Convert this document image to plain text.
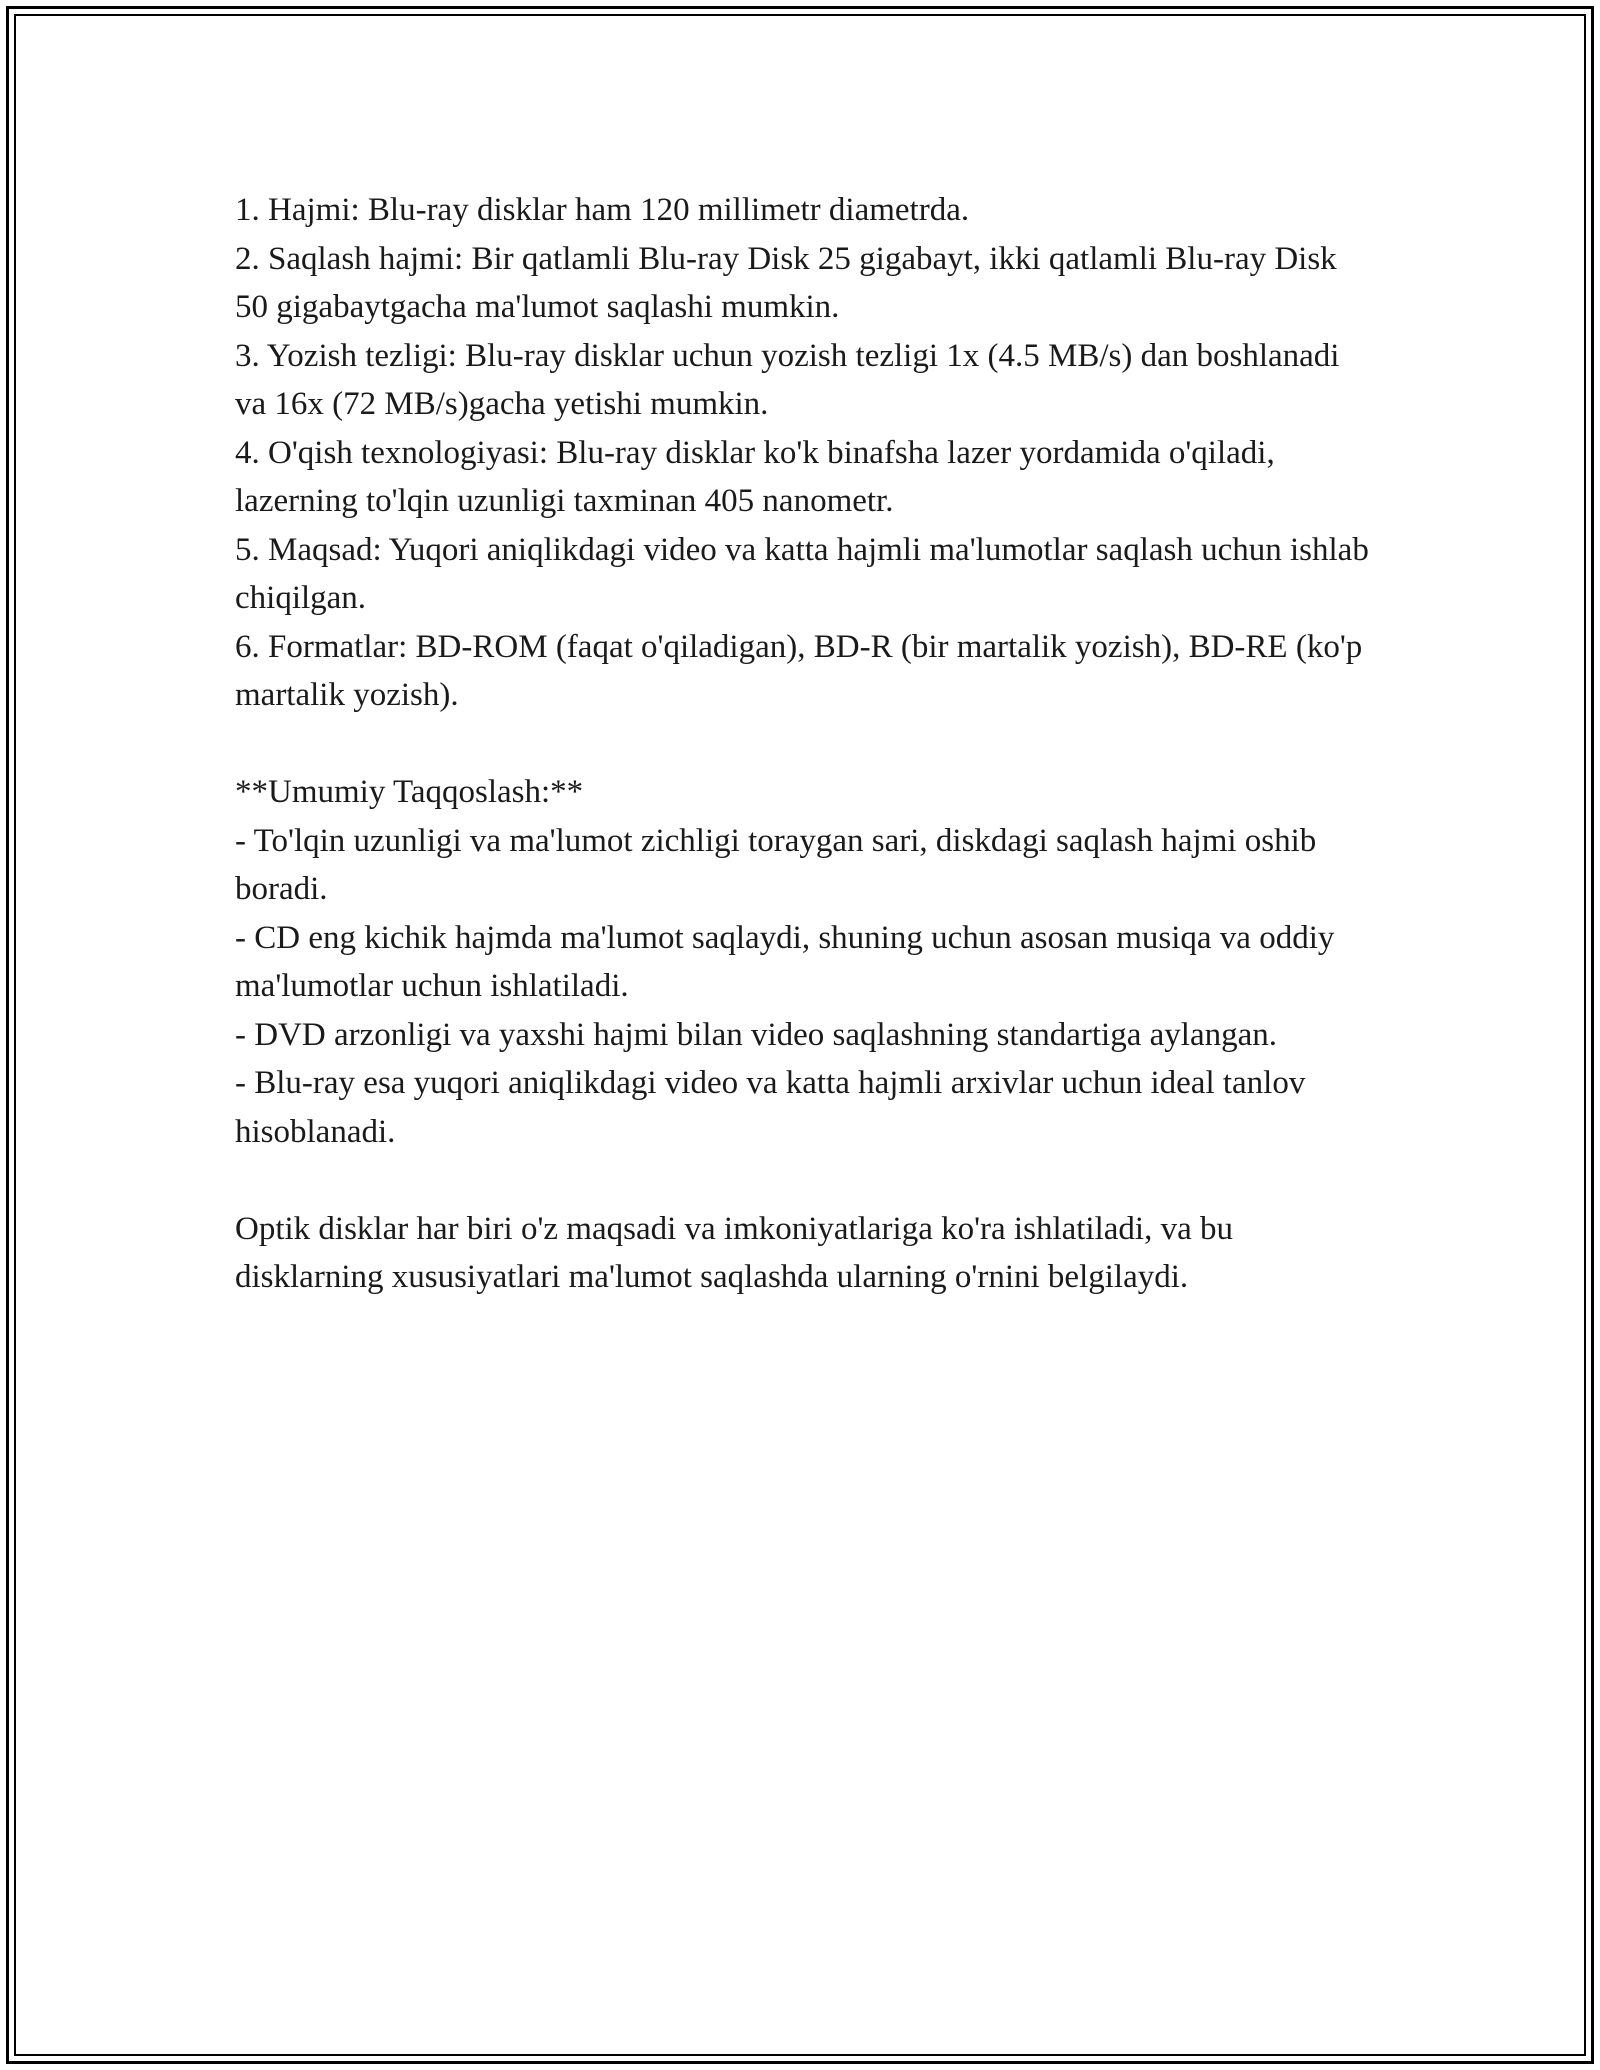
1. Hajmi: Blu-ray disklar ham 120 millimetr diametrda.

2. Saqlash hajmi: Bir qatlamli Blu-ray Disk 25 gigabayt, ikki qatlamli Blu-ray Disk 50 gigabaytgacha ma'lumot saqlashi mumkin.

3. Yozish tezligi: Blu-ray disklar uchun yozish tezligi 1x (4.5 MB/s) dan boshlanadi va 16x (72 MB/s)gacha yetishi mumkin.

4. O'qish texnologiyasi: Blu-ray disklar ko'k binafsha lazer yordamida o'qiladi, lazerning to'lqin uzunligi taxminan 405 nanometr.

5. Maqsad: Yuqori aniqlikdagi video va katta hajmli ma'lumotlar saqlash uchun ishlab chiqilgan.

6. Formatlar: BD-ROM (faqat o'qiladigan), BD-R (bir martalik yozish), BD-RE (ko'p martalik yozish).

**Umumiy Taqqoslash:**

- To'lqin uzunligi va ma'lumot zichligi toraygan sari, diskdagi saqlash hajmi oshib boradi.

- CD eng kichik hajmda ma'lumot saqlaydi, shuning uchun asosan musiqa va oddiy ma'lumotlar uchun ishlatiladi.

- DVD arzonligi va yaxshi hajmi bilan video saqlashning standartiga aylangan.

- Blu-ray esa yuqori aniqlikdagi video va katta hajmli arxivlar uchun ideal tanlov hisoblanadi.

Optik disklar har biri o'z maqsadi va imkoniyatlariga ko'ra ishlatiladi, va bu disklarning xususiyatlari ma'lumot saqlashda ularning o'rnini belgilaydi.
